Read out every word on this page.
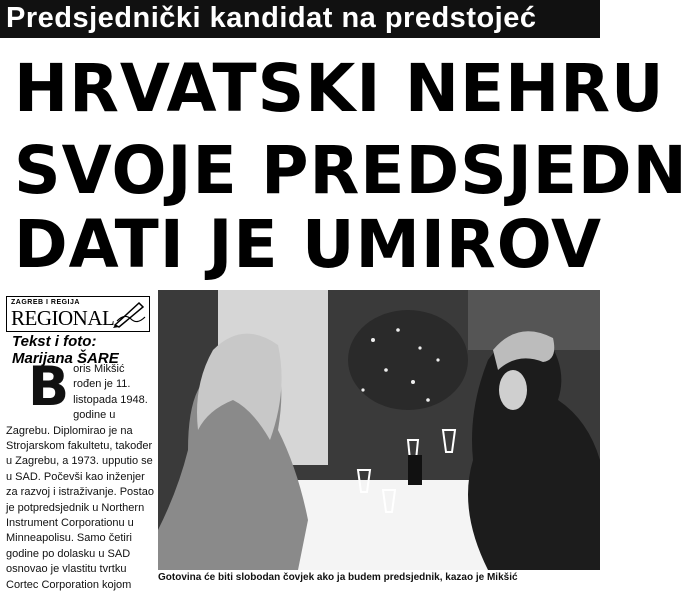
Predsjednički kandidat na predstojeć
HRVATSKI NEHRU
SVOJE PREDSJEDN
DATI JE UMIROV
ZAGREB I REGIJA
REGIONAL
Tekst i foto:
Marijana ŠARE
B oris Mikšić rođen je 11. listopada 1948. godine u Zagrebu. Diplomirao je na Strojarskom fakultetu, također u Zagrebu, a 1973. upputio se u SAD. Počevši kao inženjer za razvoj i istraživanje. Postao je potpredsjednik u Northern Instrument Corporationu u Minneapolisu. Samo četiri godine po dolasku u SAD osnovao je vlastitu tvrtku Cortec Corporation kojom
Gotovina će biti slobodan čovjek ako ja budem predsjednik, kazao je Mikšić
